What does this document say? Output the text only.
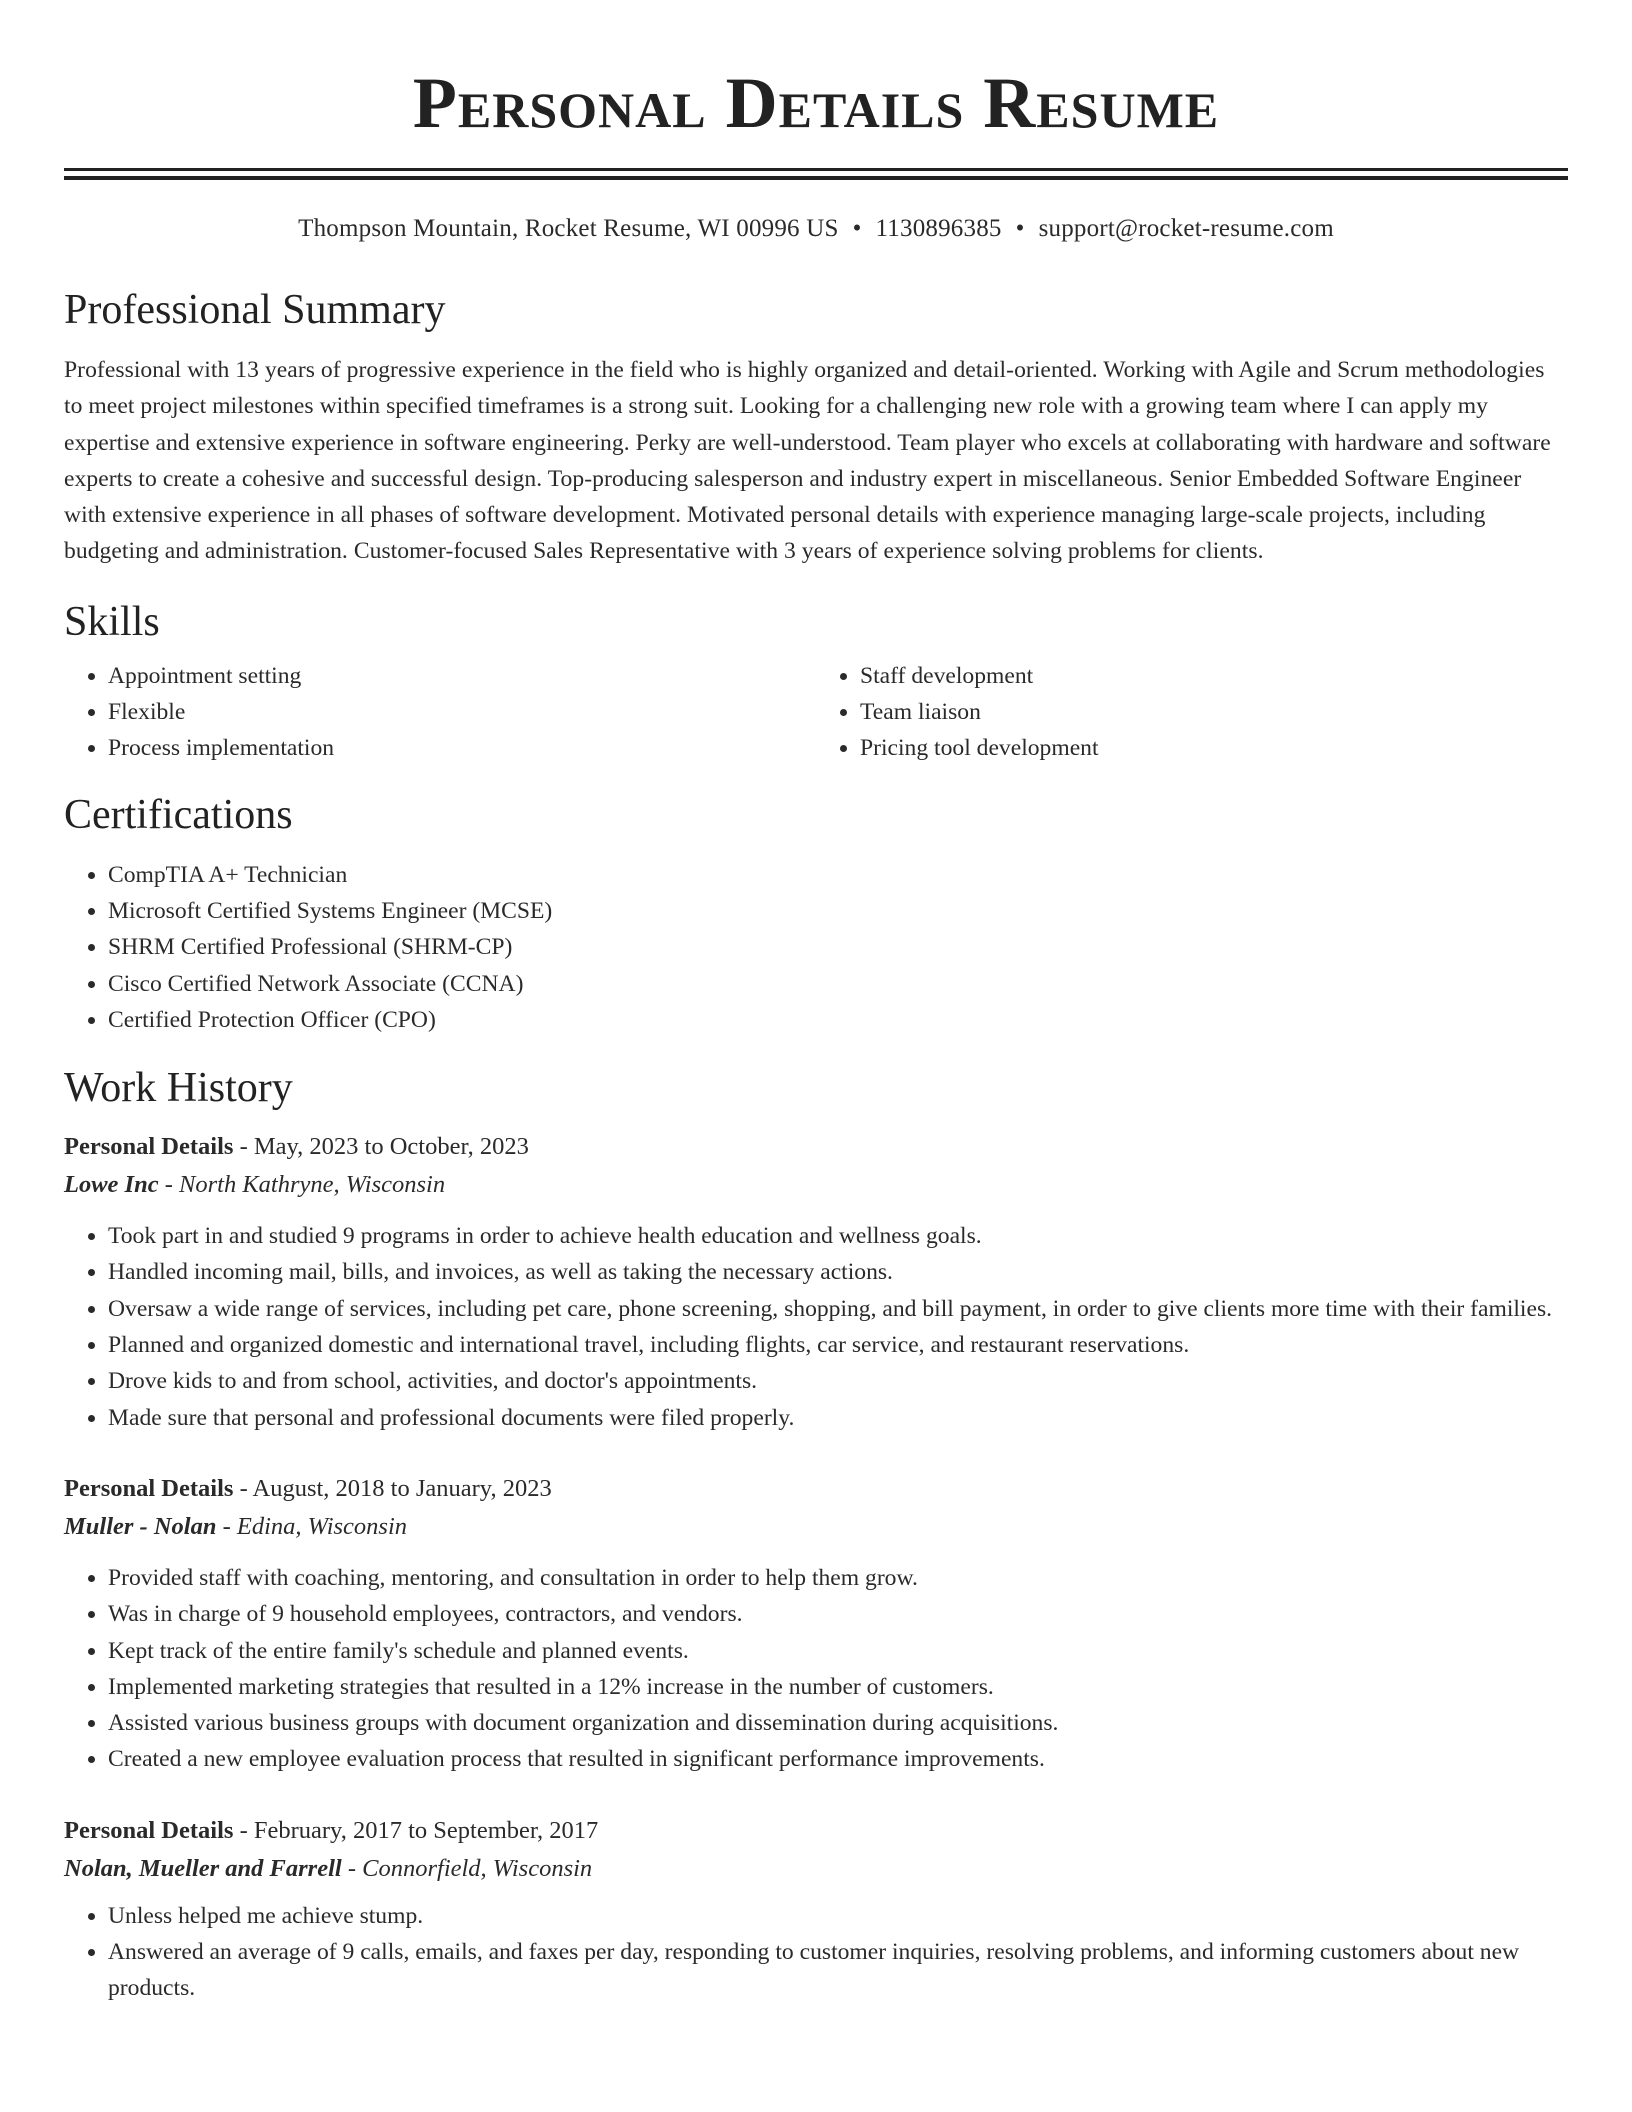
Personal Details Resume
Thompson Mountain, Rocket Resume, WI 00996 US • 1130896385 • support@rocket-resume.com
Professional Summary

Professional with 13 years of progressive experience in the field who is highly organized and detail-oriented. Working with Agile and Scrum methodologies to meet project milestones within specified timeframes is a strong suit. Looking for a challenging new role with a growing team where I can apply my expertise and extensive experience in software engineering. Perky are well-understood. Team player who excels at collaborating with hardware and software experts to create a cohesive and successful design. Top-producing salesperson and industry expert in miscellaneous. Senior Embedded Software Engineer with extensive experience in all phases of software development. Motivated personal details with experience managing large-scale projects, including budgeting and administration. Customer-focused Sales Representative with 3 years of experience solving problems for clients.

Skills
• Appointment setting
• Flexible
• Process implementation
• Staff development
• Team liaison
• Pricing tool development
Certifications
• CompTIA A+ Technician
• Microsoft Certified Systems Engineer (MCSE)
• SHRM Certified Professional (SHRM-CP)
• Cisco Certified Network Associate (CCNA)
• Certified Protection Officer (CPO)
Work History
Personal Details - May, 2023 to October, 2023
Lowe Inc - North Kathryne, Wisconsin
• Took part in and studied 9 programs in order to achieve health education and wellness goals.
• Handled incoming mail, bills, and invoices, as well as taking the necessary actions.
• Oversaw a wide range of services, including pet care, phone screening, shopping, and bill payment, in order to give clients more time with their families.
• Planned and organized domestic and international travel, including flights, car service, and restaurant reservations.
• Drove kids to and from school, activities, and doctor's appointments.
• Made sure that personal and professional documents were filed properly.
Personal Details - August, 2018 to January, 2023
Muller - Nolan - Edina, Wisconsin
• Provided staff with coaching, mentoring, and consultation in order to help them grow.
• Was in charge of 9 household employees, contractors, and vendors.
• Kept track of the entire family's schedule and planned events.
• Implemented marketing strategies that resulted in a 12% increase in the number of customers.
• Assisted various business groups with document organization and dissemination during acquisitions.
• Created a new employee evaluation process that resulted in significant performance improvements.
Personal Details - February, 2017 to September, 2017
Nolan, Mueller and Farrell - Connorfield, Wisconsin
• Unless helped me achieve stump.
• Answered an average of 9 calls, emails, and faxes per day, responding to customer inquiries, resolving problems, and informing customers about new products.
